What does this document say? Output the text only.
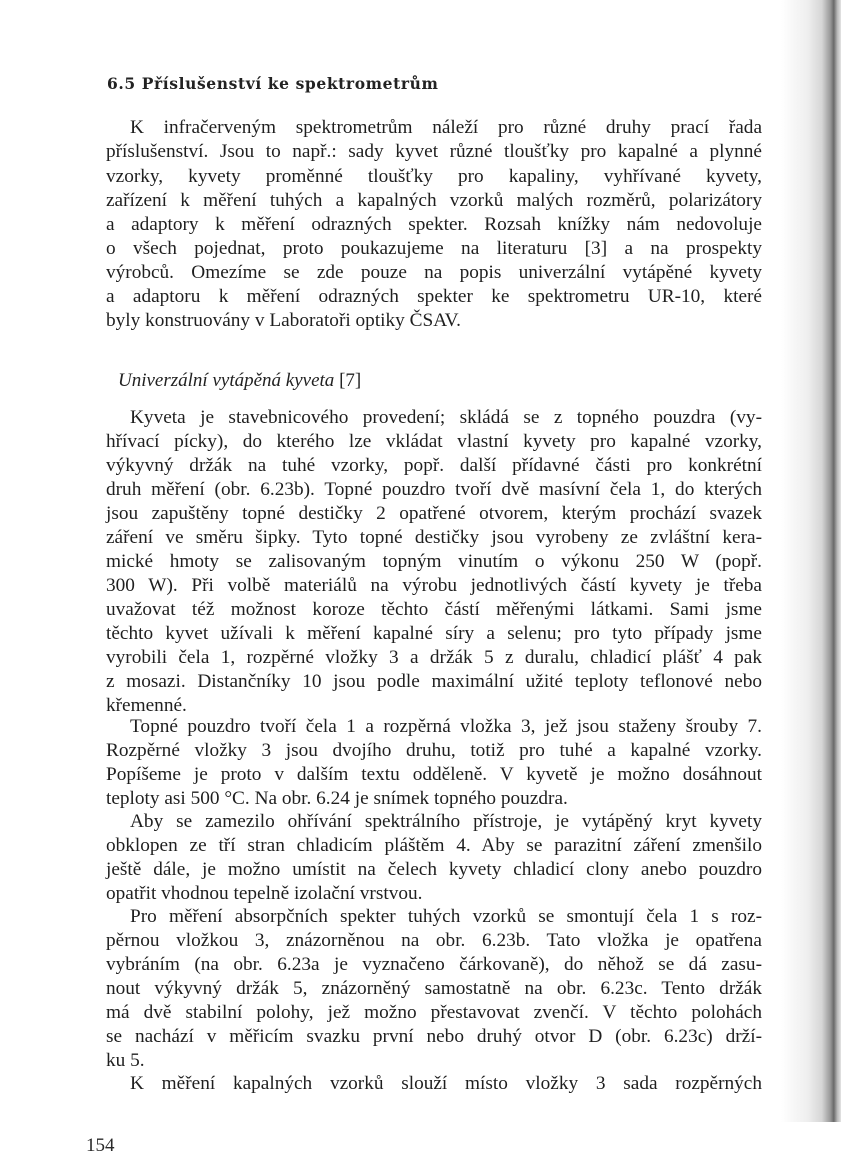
6.5 Příslušenství ke spektrometrům
K infračerveným spektrometrům náleží pro různé druhy prací řada
příslušenství. Jsou to např.: sady kyvet různé tloušťky pro kapalné a plynné
vzorky, kyvety proměnné tloušťky pro kapaliny, vyhřívané kyvety,
zařízení k měření tuhých a kapalných vzorků malých rozměrů, polarizátory
a adaptory k měření odrazných spekter. Rozsah knížky nám nedovoluje
o všech pojednat, proto poukazujeme na literaturu [3] a na prospekty
výrobců. Omezíme se zde pouze na popis univerzální vytápěné kyvety
a adaptoru k měření odrazných spekter ke spektrometru UR-10, které
byly konstruovány v Laboratoři optiky ČSAV.
Univerzální vytápěná kyveta [7]
Kyveta je stavebnicového provedení; skládá se z topného pouzdra (vy-
hřívací pícky), do kterého lze vkládat vlastní kyvety pro kapalné vzorky,
výkyvný držák na tuhé vzorky, popř. další přídavné části pro konkrétní
druh měření (obr. 6.23b). Topné pouzdro tvoří dvě masívní čela 1, do kterých
jsou zapuštěny topné destičky 2 opatřené otvorem, kterým prochází svazek
záření ve směru šipky. Tyto topné destičky jsou vyrobeny ze zvláštní kera-
mické hmoty se zalisovaným topným vinutím o výkonu 250 W (popř.
300 W). Při volbě materiálů na výrobu jednotlivých částí kyvety je třeba
uvažovat též možnost koroze těchto částí měřenými látkami. Sami jsme
těchto kyvet užívali k měření kapalné síry a selenu; pro tyto případy jsme
vyrobili čela 1, rozpěrné vložky 3 a držák 5 z duralu, chladicí plášť 4 pak
z mosazi. Distančníky 10 jsou podle maximální užité teploty teflonové nebo
křemenné.
Topné pouzdro tvoří čela 1 a rozpěrná vložka 3, jež jsou staženy šrouby 7.
Rozpěrné vložky 3 jsou dvojího druhu, totiž pro tuhé a kapalné vzorky.
Popíšeme je proto v dalším textu odděleně. V kyvetě je možno dosáhnout
teploty asi 500 °C. Na obr. 6.24 je snímek topného pouzdra.
Aby se zamezilo ohřívání spektrálního přístroje, je vytápěný kryt kyvety
obklopen ze tří stran chladicím pláštěm 4. Aby se parazitní záření zmenšilo
ještě dále, je možno umístit na čelech kyvety chladicí clony anebo pouzdro
opatřit vhodnou tepelně izolační vrstvou.
Pro měření absorpčních spekter tuhých vzorků se smontují čela 1 s roz-
pěrnou vložkou 3, znázorněnou na obr. 6.23b. Tato vložka je opatřena
vybráním (na obr. 6.23a je vyznačeno čárkovaně), do něhož se dá zasu-
nout výkyvný držák 5, znázorněný samostatně na obr. 6.23c. Tento držák
má dvě stabilní polohy, jež možno přestavovat zvenčí. V těchto polohách
se nachází v měřicím svazku první nebo druhý otvor D (obr. 6.23c) drží-
ku 5.
K měření kapalných vzorků slouží místo vložky 3 sada rozpěrných
154
